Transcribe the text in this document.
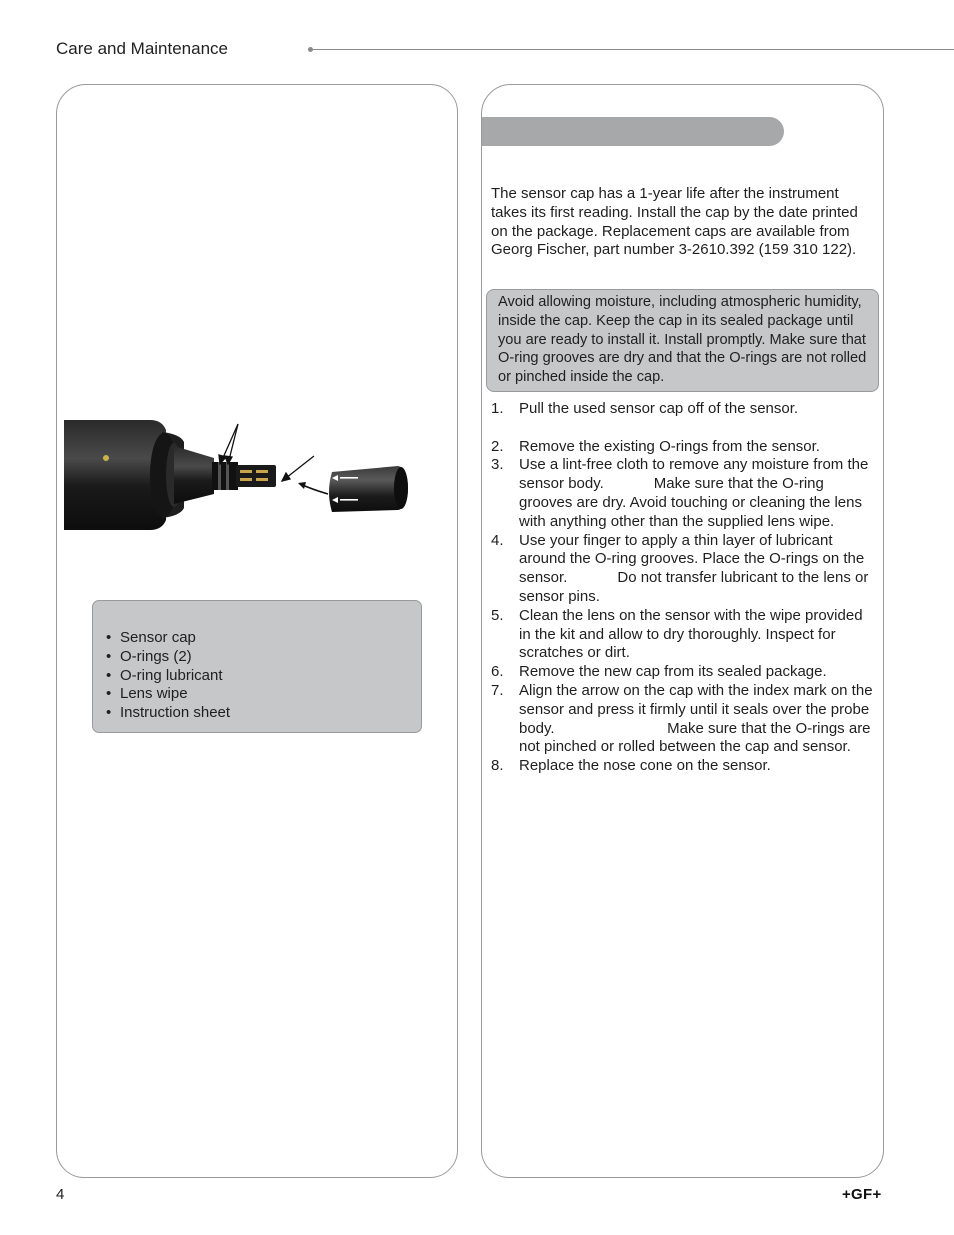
Care and Maintenance
The sensor cap has a 1-year life after the instrument takes its first reading. Install the cap by the date printed on the package. Replacement caps are available from Georg Fischer, part number 3-2610.392 (159 310 122).
Avoid allowing moisture, including atmospheric humidity, inside the cap. Keep the cap in its sealed package until you are ready to install it. Install promptly. Make sure that O-ring grooves are dry and that the O-rings are not rolled or pinched inside the cap.
1. Pull the used sensor cap off of the sensor.
2. Remove the existing O-rings from the sensor.
3. Use a lint-free cloth to remove any moisture from the sensor body.            Make sure that the O-ring grooves are dry. Avoid touching or cleaning the lens with anything other than the supplied lens wipe.
4. Use your finger to apply a thin layer of lubricant around the O-ring grooves. Place the O-rings on the sensor.            Do not transfer lubricant to the lens or sensor pins.
5. Clean the lens on the sensor with the wipe provided in the kit and allow to dry thoroughly. Inspect for scratches or dirt.
6. Remove the new cap from its sealed package.
7. Align the arrow on the cap with the index mark on the sensor and press it firmly until it seals over the probe body.                           Make sure that the O-rings are not pinched or rolled between the cap and sensor.
8. Replace the nose cone on the sensor.
• Sensor cap
• O-rings (2)
• O-ring lubricant
• Lens wipe
• Instruction sheet
4	+GF+
